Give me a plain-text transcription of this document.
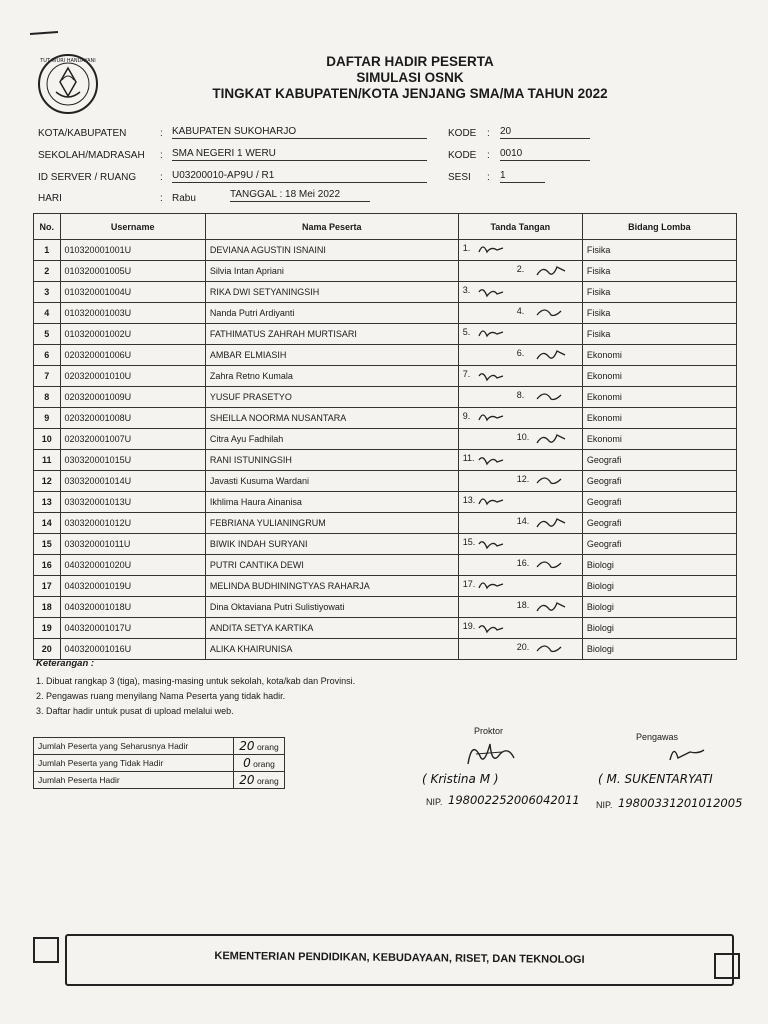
TUT WURI HANDAYANI	DAFTAR HADIR PESERTA
SIMULASI OSNK
TINGKAT KABUPATEN/KOTA JENJANG SMA/MA TAHUN 2022
KOTA/KABUPATEN	: KABUPATEN SUKOHARJO
SEKOLAH/MADRASAH : SMA NEGERI 1 WERU
ID SERVER / RUANG : U03200010-AP9U / R1
HARI	: Rabu	TANGGAL : 18 Mei 2022
KODE : 20
KODE : 0010
SESI : 1
No.	Username	Nama Peserta	Tanda Tangan	Bidang Lomba
1	010320001001U	DEVIANA AGUSTIN ISNAINI	1.	Fisika
2	010320001005U	Silvia Intan Apriani	2.	Fisika
3	010320001004U	RIKA DWI SETYANINGSIH	3.	Fisika
4	010320001003U	Nanda Putri Ardiyanti	4.	Fisika
5	010320001002U	FATHIMATUS ZAHRAH MURTISARI	5.	Fisika
6	020320001006U	AMBAR ELMIASIH	6.	Ekonomi
7	020320001010U	Zahra Retno Kumala	7.	Ekonomi
8	020320001009U	YUSUF PRASETYO	8.	Ekonomi
9	020320001008U	SHEILLA NOORMA NUSANTARA	9.	Ekonomi
10	020320001007U	Citra Ayu Fadhilah	10.	Ekonomi
11	030320001015U	RANI ISTUNINGSIH	11.	Geografi
12	030320001014U	Javasti Kusuma Wardani	12.	Geografi
13	030320001013U	Ikhlima Haura Ainanisa	13.	Geografi
14	030320001012U	FEBRIANA YULIANINGRUM	14.	Geografi
15	030320001011U	BIWIK INDAH SURYANI	15.	Geografi
16	040320001020U	PUTRI CANTIKA DEWI	16.	Biologi
17	040320001019U	MELINDA BUDHININGTYAS RAHARJA	17.	Biologi
18	040320001018U	Dina Oktaviana Putri Sulistiyowati	18.	Biologi
19	040320001017U	ANDITA SETYA KARTIKA	19.	Biologi
20	040320001016U	ALIKA KHAIRUNISA	20.	Biologi
Keterangan :
1. Dibuat rangkap 3 (tiga), masing-masing untuk sekolah, kota/kab dan Provinsi.
2. Pengawas ruang menyilang Nama Peserta yang tidak hadir.
3. Daftar hadir untuk pusat di upload melalui web.
Jumlah Peserta yang Seharusnya Hadir	20 orang
Jumlah Peserta yang Tidak Hadir	0 orang
Jumlah Peserta Hadir	20 orang
Proktor
( Kristina M )
NIP. 198002252006042011
Pengawas
( M. SUKENTARYATI
NIP. 19800331201012005
KEMENTERIAN PENDIDIKAN, KEBUDAYAAN, RISET, DAN TEKNOLOGI
